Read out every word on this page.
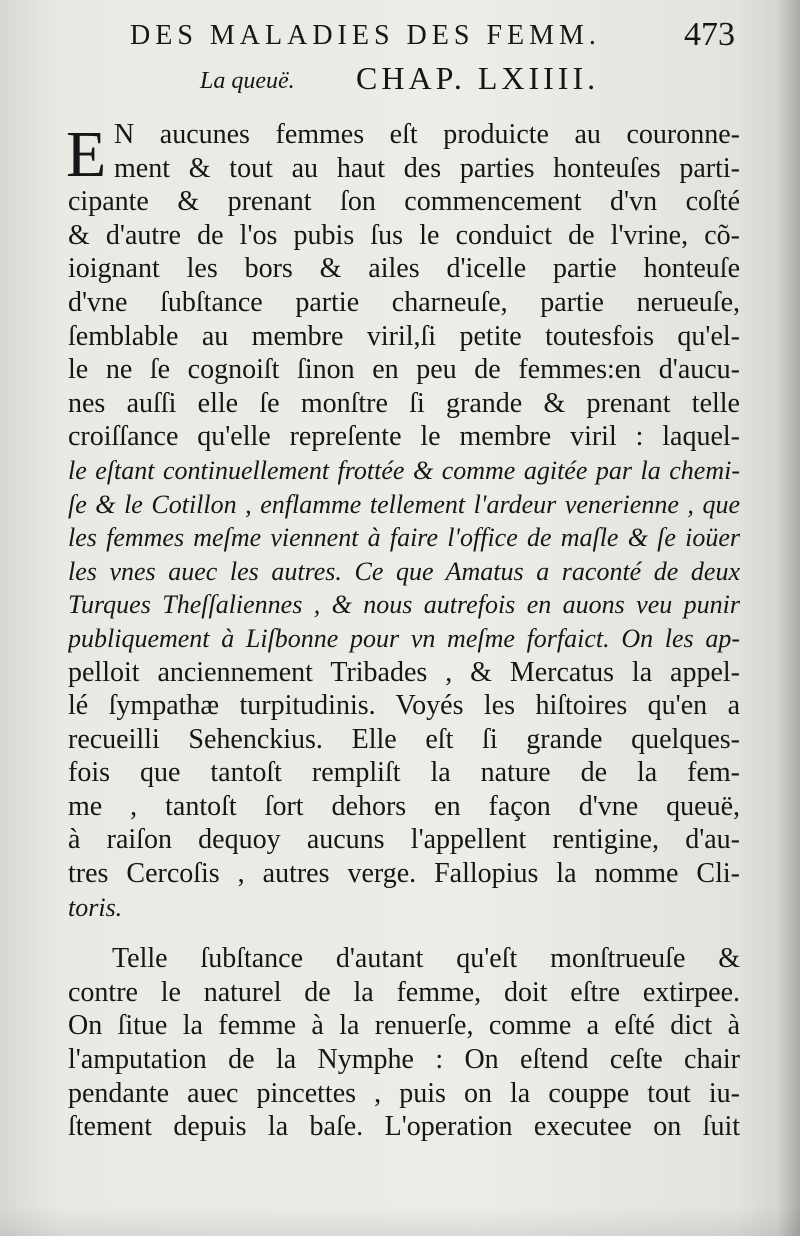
DES MALADIES DES FEMM. 473
La queuë. CHAP. LXIIII.
E N aucunes femmes eſt produicte au couronne-
ment & tout au haut des parties honteuſes parti-
cipante & prenant ſon commencement d'vn coſté
& d'autre de l'os pubis ſus le conduict de l'vrine, cõ-
ioignant les bors & ailes d'icelle partie honteuſe
d'vne ſubſtance partie charneuſe, partie nerueuſe,
ſemblable au membre viril,ſi petite toutesfois qu'el-
le ne ſe cognoiſt ſinon en peu de femmes:en d'aucu-
nes auſſi elle ſe monſtre ſi grande & prenant telle
croiſſance qu'elle repreſente le membre viril : laquel-
le eſtant continuellement frottée & comme agitée par la chemi-
ſe & le Cotillon , enflamme tellement l'ardeur venerienne , que
les femmes meſme viennent à faire l'office de maſle & ſe ioüer
les vnes auec les autres. Ce que Amatus a raconté de deux
Turques Theſſaliennes , & nous autrefois en auons veu punir
publiquement à Liſbonne pour vn meſme forfaict. On les ap-
pelloit anciennement Tribades , & Mercatus la appel-
lé ſympathæ turpitudinis. Voyés les hiſtoires qu'en a
recueilli Sehenckius. Elle eſt ſi grande quelques-
fois que tantoſt rempliſt la nature de la fem-
me , tantoſt ſort dehors en façon d'vne queuë,
à raiſon dequoy aucuns l'appellent rentigine, d'au-
tres Cercoſis , autres verge. Fallopius la nomme Cli-
toris.
Telle ſubſtance d'autant qu'eſt monſtrueuſe &
contre le naturel de la femme, doit eſtre extirpee.
On ſitue la femme à la renuerſe, comme a eſté dict à
l'amputation de la Nymphe : On eſtend ceſte chair
pendante auec pincettes , puis on la couppe tout iu-
ſtement depuis la baſe. L'operation executee on ſuit
